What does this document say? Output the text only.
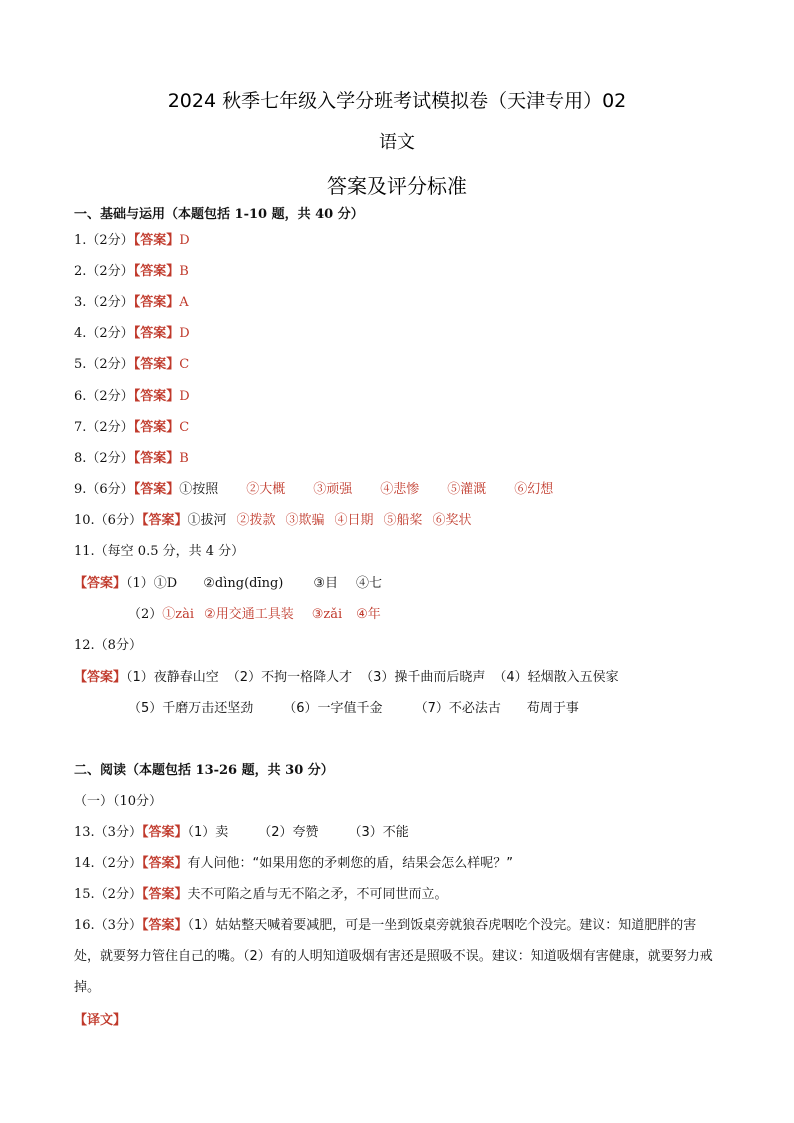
2024 秋季七年级入学分班考试模拟卷（天津专用）02
语文
答案及评分标准
一、基础与运用（本题包括 1-10 题，共 40 分）
1.（2分）【答案】D
2.（2分）【答案】B
3.（2分）【答案】A
4.（2分）【答案】D
5.（2分）【答案】C
6.（2分）【答案】D
7.（2分）【答案】C
8.（2分）【答案】B
9.（6分）【答案】①按照 ②大概 ③顽强 ④悲惨 ⑤灌溉 ⑥幻想
10.（6分）【答案】①拔河 ②拨款 ③欺骗 ④日期 ⑤船桨 ⑥奖状
11.（每空 0.5 分，共 4 分）
【答案】（1）①D ②dìng(dīng) ③目 ④七
（2）①zài ②用交通工具装 ③zǎi ④年
12.（8分）
【答案】（1）夜静春山空 （2）不拘一格降人才 （3）操千曲而后晓声 （4）轻烟散入五侯家
（5）千磨万击还坚劲 （6）一字值千金 （7）不必法古 苟周于事
二、阅读（本题包括 13-26 题，共 30 分）
（一）（10分）
13.（3分）【答案】（1）卖 （2）夸赞 （3）不能
14.（2分）【答案】有人问他：“如果用您的矛刺您的盾，结果会怎么样呢？”
15.（2分）【答案】夫不可陷之盾与无不陷之矛，不可同世而立。
16.（3分）【答案】（1）姑姑整天喊着要减肥，可是一坐到饭桌旁就狼吞虎咽吃个没完。建议：知道肥胖的害处，就要努力管住自己的嘴。（2）有的人明知道吸烟有害还是照吸不误。建议：知道吸烟有害健康，就要努力戒掉。
【译文】
